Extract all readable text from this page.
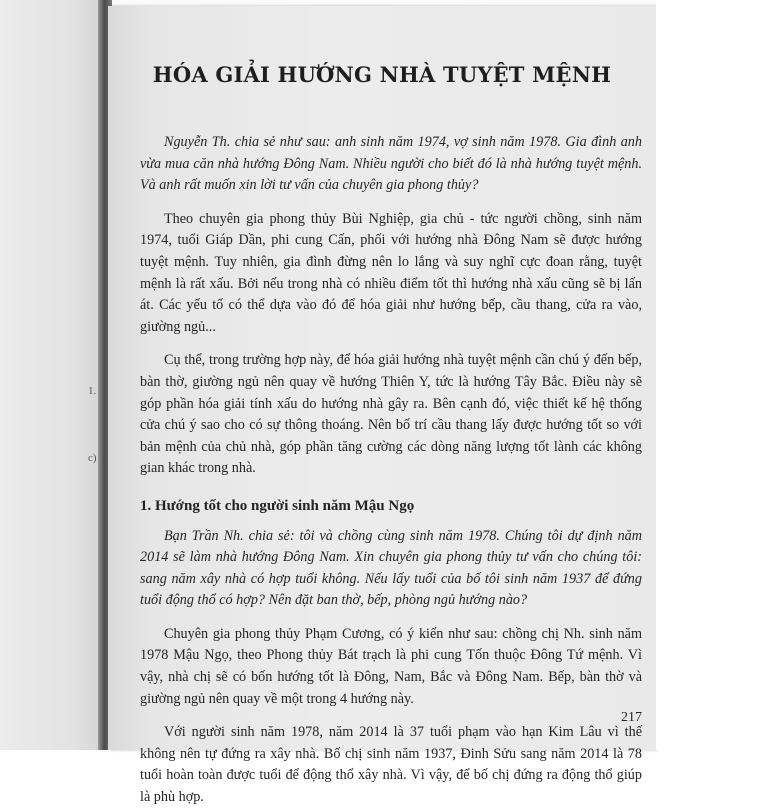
1.
c)
HÓA GIẢI HƯỚNG NHÀ TUYỆT MỆNH

Nguyễn Th. chia sẻ như sau: anh sinh năm 1974, vợ sinh năm 1978. Gia đình anh vừa mua căn nhà hướng Đông Nam. Nhiều người cho biết đó là nhà hướng tuyệt mệnh. Và anh rất muốn xin lời tư vấn của chuyên gia phong thủy?

Theo chuyên gia phong thủy Bùi Nghiệp, gia chủ - tức người chồng, sinh năm 1974, tuổi Giáp Dần, phi cung Cấn, phối với hướng nhà Đông Nam sẽ được hướng tuyệt mệnh. Tuy nhiên, gia đình đừng nên lo lắng và suy nghĩ cực đoan rằng, tuyệt mệnh là rất xấu. Bởi nếu trong nhà có nhiều điểm tốt thì hướng nhà xấu cũng sẽ bị lấn át. Các yếu tố có thể dựa vào đó để hóa giải như hướng bếp, cầu thang, cửa ra vào, giường ngủ...

Cụ thể, trong trường hợp này, để hóa giải hướng nhà tuyệt mệnh cần chú ý đến bếp, bàn thờ, giường ngủ nên quay về hướng Thiên Y, tức là hướng Tây Bắc. Điều này sẽ góp phần hóa giải tính xấu do hướng nhà gây ra. Bên cạnh đó, việc thiết kế hệ thống cửa chú ý sao cho có sự thông thoáng. Nên bố trí cầu thang lấy được hướng tốt so với bản mệnh của chủ nhà, góp phần tăng cường các dòng năng lượng tốt lành các không gian khác trong nhà.

1. Hướng tốt cho người sinh năm Mậu Ngọ

Bạn Trần Nh. chia sẻ: tôi và chồng cùng sinh năm 1978. Chúng tôi dự định năm 2014 sẽ làm nhà hướng Đông Nam. Xin chuyên gia phong thủy tư vấn cho chúng tôi: sang năm xây nhà có hợp tuổi không. Nếu lấy tuổi của bố tôi sinh năm 1937 để đứng tuổi động thổ có hợp? Nên đặt ban thờ, bếp, phòng ngủ hướng nào?

Chuyên gia phong thủy Phạm Cương, có ý kiến như sau: chồng chị Nh. sinh năm 1978 Mậu Ngọ, theo Phong thủy Bát trạch là phi cung Tốn thuộc Đông Tứ mệnh. Vì vậy, nhà chị sẽ có bốn hướng tốt là Đông, Nam, Bắc và Đông Nam. Bếp, bàn thờ và giường ngủ nên quay về một trong 4 hướng này.

Với người sinh năm 1978, năm 2014 là 37 tuổi phạm vào hạn Kim Lâu vì thế không nên tự đứng ra xây nhà. Bố chị sinh năm 1937, Đinh Sửu sang năm 2014 là 78 tuổi hoàn toàn được tuổi để động thổ xây nhà. Vì vậy, để bố chị đứng ra động thổ giúp là phù hợp.

217
